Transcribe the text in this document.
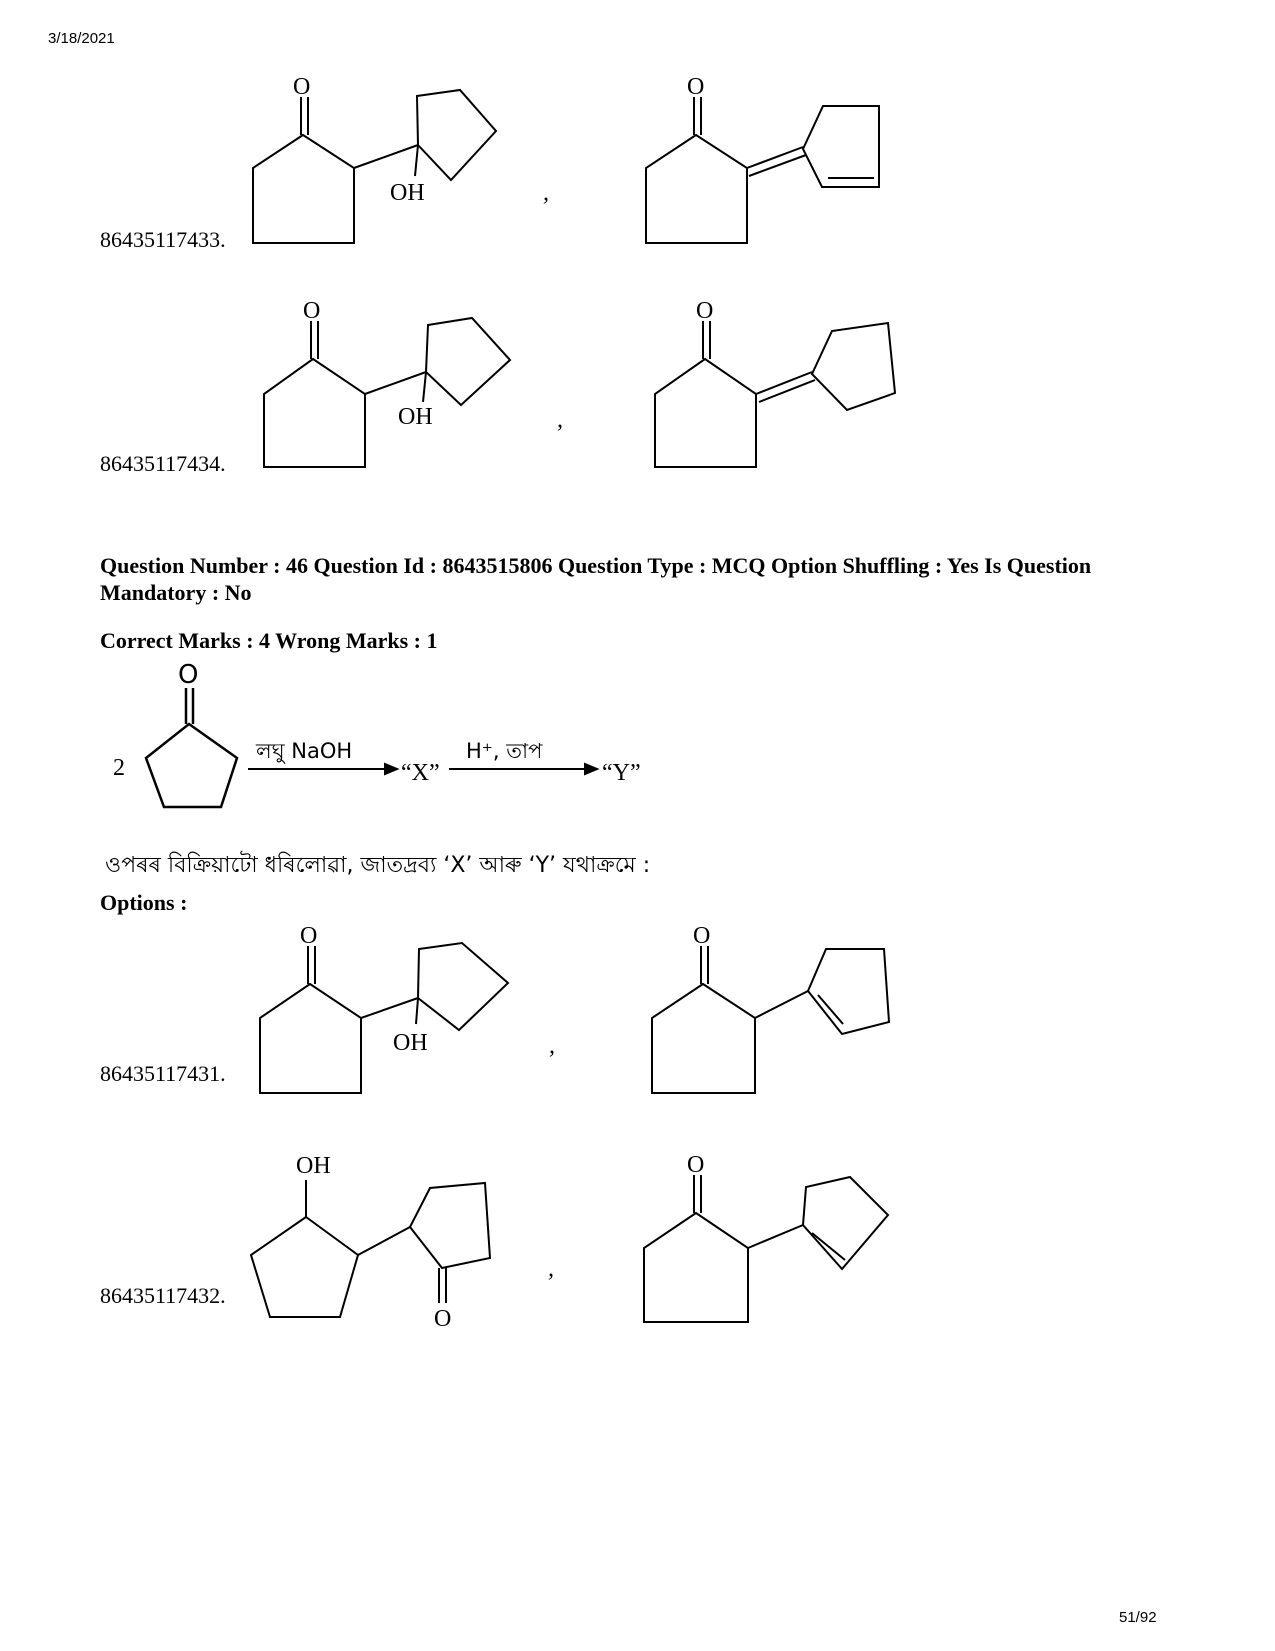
3/18/2021
51/92
86435117433.
86435117434.
86435117431.
86435117432.
Question Number : 46 Question Id : 8643515806 Question Type : MCQ Option Shuffling : Yes Is Question Mandatory : No
Correct Marks : 4 Wrong Marks : 1
ওপৰৰ বিক্ৰিয়াটো ধৰিলোৱা, জাতদ্ৰব্য ‘X’ আৰু ‘Y’ যথাক্ৰমে :
Options :
O
OH	,
O
O
OH	,
O
2
O
লঘু NaOH
“X”
H⁺, তাপ
“Y”
O
OH	,
O
OH
O
,
O
